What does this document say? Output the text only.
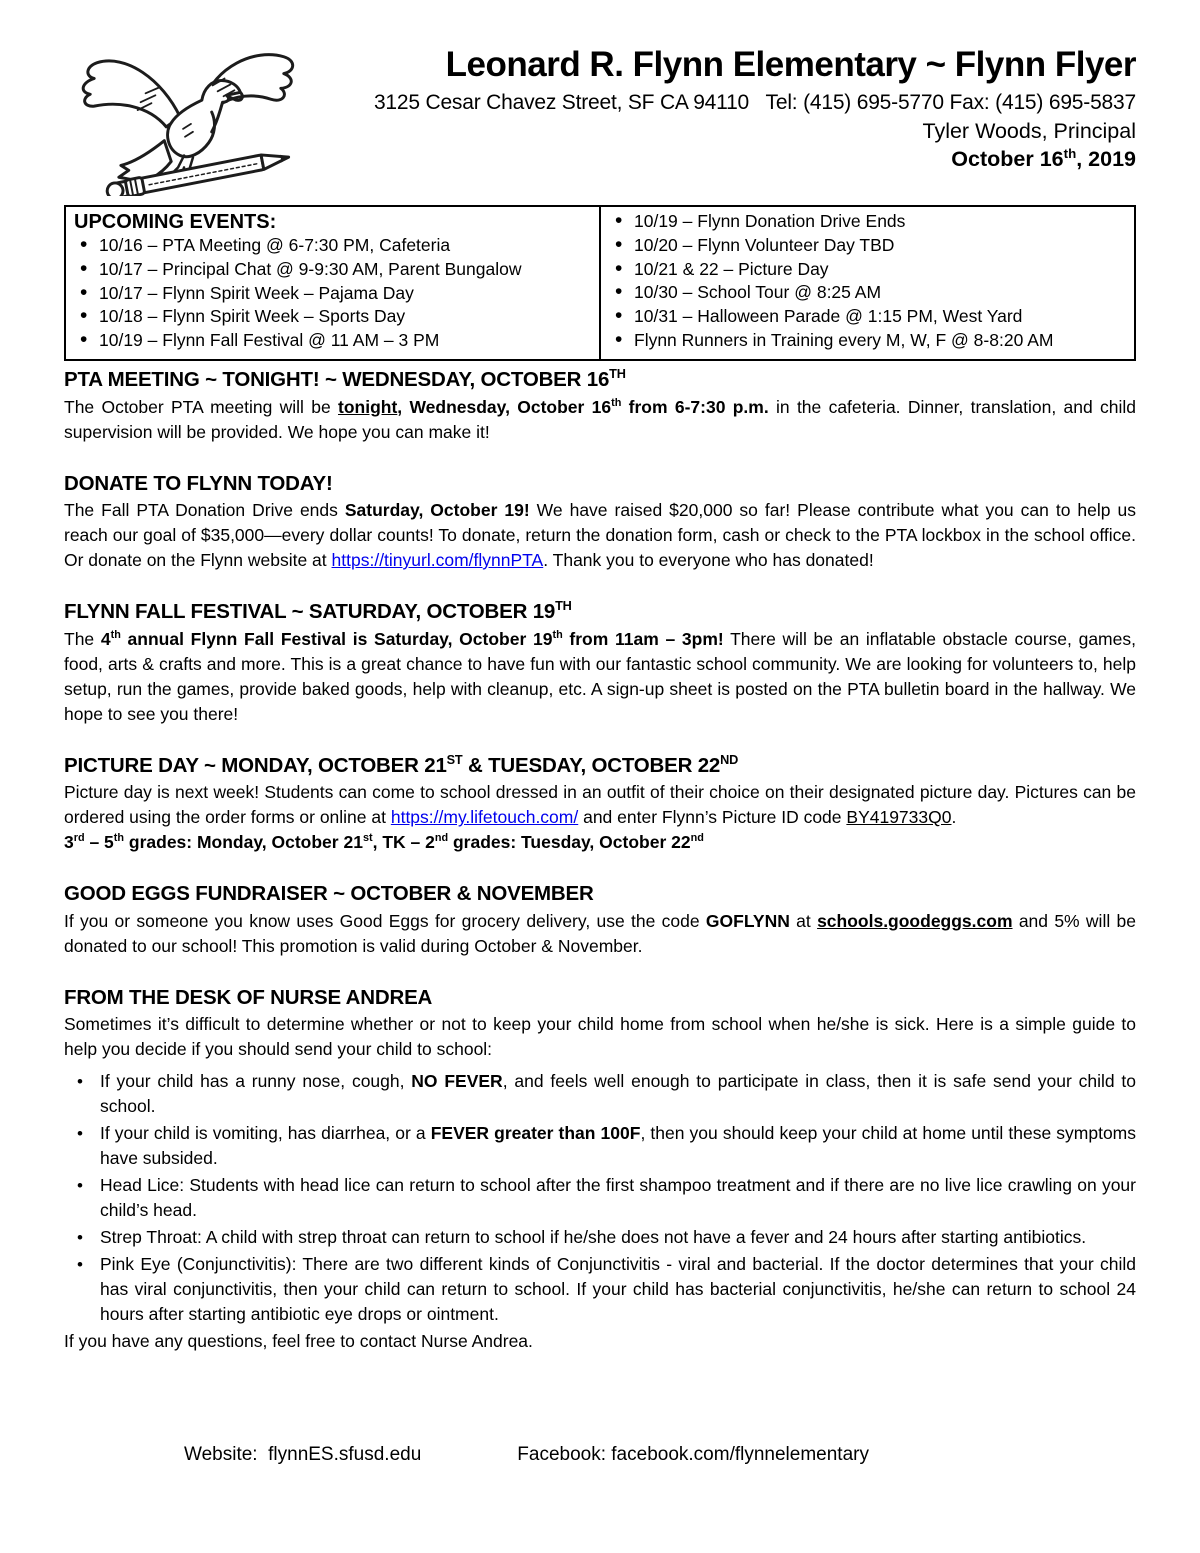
Leonard R. Flynn Elementary ~ Flynn Flyer
3125 Cesar Chavez Street, SF CA 94110   Tel: (415) 695-5770 Fax: (415) 695-5837
Tyler Woods, Principal
October 16th, 2019
UPCOMING EVENTS:
• 10/16 – PTA Meeting @ 6-7:30 PM, Cafeteria
• 10/17 – Principal Chat @ 9-9:30 AM, Parent Bungalow
• 10/17 – Flynn Spirit Week – Pajama Day
• 10/18 – Flynn Spirit Week – Sports Day
• 10/19 – Flynn Fall Festival @ 11 AM – 3 PM

• 10/19 – Flynn Donation Drive Ends
• 10/20 – Flynn Volunteer Day TBD
• 10/21 & 22 – Picture Day
• 10/30 – School Tour @ 8:25 AM
• 10/31 – Halloween Parade @ 1:15 PM, West Yard
• Flynn Runners in Training every M, W, F @ 8-8:20 AM
PTA MEETING ~ TONIGHT! ~ WEDNESDAY, OCTOBER 16TH

The October PTA meeting will be tonight, Wednesday, October 16th from 6-7:30 p.m. in the cafeteria. Dinner, translation, and child supervision will be provided. We hope you can make it!

DONATE TO FLYNN TODAY!

The Fall PTA Donation Drive ends Saturday, October 19! We have raised $20,000 so far! Please contribute what you can to help us reach our goal of $35,000—every dollar counts! To donate, return the donation form, cash or check to the PTA lockbox in the school office. Or donate on the Flynn website at https://tinyurl.com/flynnPTA. Thank you to everyone who has donated!

FLYNN FALL FESTIVAL ~ SATURDAY, OCTOBER 19TH

The 4th annual Flynn Fall Festival is Saturday, October 19th from 11am – 3pm! There will be an inflatable obstacle course, games, food, arts & crafts and more. This is a great chance to have fun with our fantastic school community. We are looking for volunteers to, help setup, run the games, provide baked goods, help with cleanup, etc. A sign-up sheet is posted on the PTA bulletin board in the hallway. We hope to see you there!

PICTURE DAY ~ MONDAY, OCTOBER 21ST & TUESDAY, OCTOBER 22ND

Picture day is next week! Students can come to school dressed in an outfit of their choice on their designated picture day. Pictures can be ordered using the order forms or online at https://my.lifetouch.com/ and enter Flynn’s Picture ID code BY419733Q0.

3rd – 5th grades: Monday, October 21st, TK – 2nd grades: Tuesday, October 22nd
GOOD EGGS FUNDRAISER ~ OCTOBER & NOVEMBER

If you or someone you know uses Good Eggs for grocery delivery, use the code GOFLYNN at schools.goodeggs.com and 5% will be donated to our school! This promotion is valid during October & November.

FROM THE DESK OF NURSE ANDREA

Sometimes it’s difficult to determine whether or not to keep your child home from school when he/she is sick. Here is a simple guide to help you decide if you should send your child to school:

• If your child has a runny nose, cough, NO FEVER, and feels well enough to participate in class, then it is safe send your child to school.
• If your child is vomiting, has diarrhea, or a FEVER greater than 100F, then you should keep your child at home until these symptoms have subsided.
• Head Lice: Students with head lice can return to school after the first shampoo treatment and if there are no live lice crawling on your child’s head.
• Strep Throat: A child with strep throat can return to school if he/she does not have a fever and 24 hours after starting antibiotics.
• Pink Eye (Conjunctivitis): There are two different kinds of Conjunctivitis - viral and bacterial. If the doctor determines that your child has viral conjunctivitis, then your child can return to school. If your child has bacterial conjunctivitis, he/she can return to school 24 hours after starting antibiotic eye drops or ointment.

If you have any questions, feel free to contact Nurse Andrea.

Website:  flynnES.sfusd.edu	Facebook: facebook.com/flynnelementary
